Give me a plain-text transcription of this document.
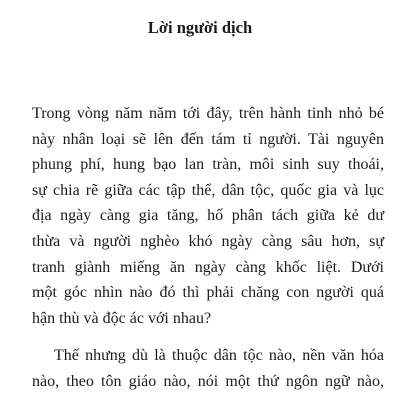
Lời người dịch

Trong vòng năm năm tới đây, trên hành tinh nhỏ bé
này nhân loại sẽ lên đến tám tỉ người. Tài nguyên
phung phí, hung bạo lan tràn, môi sinh suy thoái,
sự chia rẽ giữa các tập thể, dân tộc, quốc gia và lục
địa ngày càng gia tăng, hố phân tách giữa kẻ dư
thừa và người nghèo khó ngày càng sâu hơn, sự
tranh giành miếng ăn ngày càng khốc liệt. Dưới
một góc nhìn nào đó thì phải chăng con người quá
hận thù và độc ác với nhau?

Thế nhưng dù là thuộc dân tộc nào, nền văn hóa
nào, theo tôn giáo nào, nói một thứ ngôn ngữ nào,
